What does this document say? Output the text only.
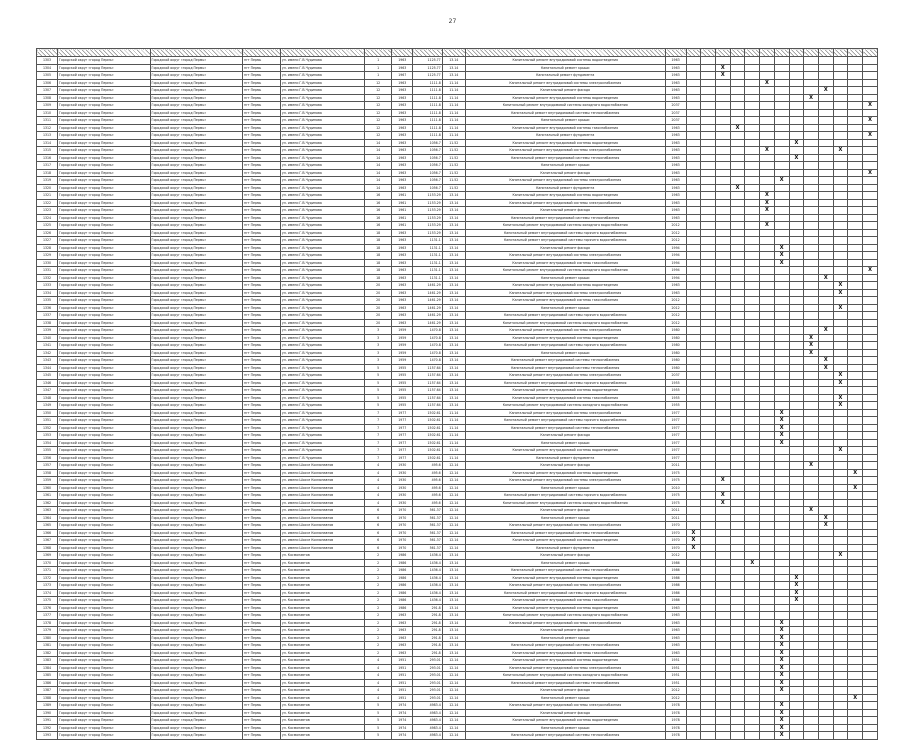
27

1303	Городской округ «город Пермь»	Городской округ «город Пермь»	пгт Пермь	ул. имени Г.В.Чудинова	1	1963	1125.77	13.14	Капитальный ремонт внутридомовой системы водоотведения	1963													
1304	Городской округ «город Пермь»	Городской округ «город Пермь»	пгт Пермь	ул. имени Г.В.Чудинова	1	1963	1125.77	13.14	Капитальный ремонт крыши	1963			X										
1305	Городской округ «город Пермь»	Городской округ «город Пермь»	пгт Пермь	ул. имени Г.В.Чудинова	1	1967	1125.77	13.14	Капитальный ремонт фундамента	1963			X										
1306	Городской округ «город Пермь»	Городской округ «город Пермь»	пгт Пермь	ул. имени Г.В.Чудинова	12	1963	1111.8	11.14	Капитальный ремонт внутридомовой системы электроснабжения	1963						X							
1307	Городской округ «город Пермь»	Городской округ «город Пермь»	пгт Пермь	ул. имени Г.В.Чудинова	12	1963	1111.8	11.14	Капитальный ремонт фасада	1963										X			
1308	Городской округ «город Пермь»	Городской округ «город Пермь»	пгт Пермь	ул. имени Г.В.Чудинова	12	1963	1111.8	11.14	Капитальный ремонт внутридомовой системы водоотведения	1963									X				
1309	Городской округ «город Пермь»	Городской округ «город Пермь»	пгт Пермь	ул. имени Г.В.Чудинова	12	1963	1111.8	11.14	Капитальный ремонт внутридомовой системы холодного водоснабжения	2037													X
1310	Городской округ «город Пермь»	Городской округ «город Пермь»	пгт Пермь	ул. имени Г.В.Чудинова	12	1963	1111.8	11.14	Капитальный ремонт внутридомовой системы теплоснабжения	2037													
1311	Городской округ «город Пермь»	Городской округ «город Пермь»	пгт Пермь	ул. имени Г.В.Чудинова	12	1963	1111.8	11.14	Капитальный ремонт крыши	2037													X
1312	Городской округ «город Пермь»	Городской округ «город Пермь»	пгт Пермь	ул. имени Г.В.Чудинова	12	1963	1111.8	11.14	Капитальный ремонт внутридомовой системы газоснабжения	1963				X									
1313	Городской округ «город Пермь»	Городской округ «город Пермь»	пгт Пермь	ул. имени Г.В.Чудинова	12	1963	1111.8	11.14	Капитальный ремонт фундамента	1963													X
1314	Городской округ «город Пермь»	Городской округ «город Пермь»	пгт Пермь	ул. имени Г.В.Чудинова	14	1963	1056.7	11.52	Капитальный ремонт внутридомовой системы водоотведения	1963								X					
1315	Городской округ «город Пермь»	Городской округ «город Пермь»	пгт Пермь	ул. имени Г.В.Чудинова	14	1963	1056.7	11.52	Капитальный ремонт внутридомовой системы электроснабжения	1963						X					X		
1316	Городской округ «город Пермь»	Городской округ «город Пермь»	пгт Пермь	ул. имени Г.В.Чудинова	14	1963	1056.7	11.52	Капитальный ремонт внутридомовой системы теплоснабжения	1963								X					
1317	Городской округ «город Пермь»	Городской округ «город Пермь»	пгт Пермь	ул. имени Г.В.Чудинова	14	1963	1056.7	11.52	Капитальный ремонт крыши	1963													
1318	Городской округ «город Пермь»	Городской округ «город Пермь»	пгт Пермь	ул. имени Г.В.Чудинова	14	1963	1056.7	11.52	Капитальный ремонт фасада	1963													X
1319	Городской округ «город Пермь»	Городской округ «город Пермь»	пгт Пермь	ул. имени Г.В.Чудинова	14	1963	1056.7	11.52	Капитальный ремонт внутридомовой системы электроснабжения	1963							X						
1320	Городской округ «город Пермь»	Городской округ «город Пермь»	пгт Пермь	ул. имени Г.В.Чудинова	14	1963	1056.7	11.52	Капитальный ремонт фундамента	1963				X									
1321	Городской округ «город Пермь»	Городской округ «город Пермь»	пгт Пермь	ул. имени Г.В.Чудинова	16	1961	1153.29	13.14	Капитальный ремонт внутридомовой системы водоотведения	1963						X							
1322	Городской округ «город Пермь»	Городской округ «город Пермь»	пгт Пермь	ул. имени Г.В.Чудинова	16	1961	1153.29	13.14	Капитальный ремонт внутридомовой системы электроснабжения	1963						X							
1323	Городской округ «город Пермь»	Городской округ «город Пермь»	пгт Пермь	ул. имени Г.В.Чудинова	16	1961	1153.29	13.14	Капитальный ремонт фасада	1963						X							
1324	Городской округ «город Пермь»	Городской округ «город Пермь»	пгт Пермь	ул. имени Г.В.Чудинова	16	1961	1153.29	13.14	Капитальный ремонт внутридомовой системы теплоснабжения	1963													
1325	Городской округ «город Пермь»	Городской округ «город Пермь»	пгт Пермь	ул. имени Г.В.Чудинова	16	1961	1153.29	13.14	Капитальный ремонт внутридомовой системы холодного водоснабжения	2012						X							
1326	Городской округ «город Пермь»	Городской округ «город Пермь»	пгт Пермь	ул. имени Г.В.Чудинова	18	1963	1153.29	13.14	Капитальный ремонт внутридомовой системы горячего водоснабжения	2012													
1327	Городской округ «город Пермь»	Городской округ «город Пермь»	пгт Пермь	ул. имени Г.В.Чудинова	18	1963	1131.1	13.14	Капитальный ремонт внутридомовой системы горячего водоснабжения	2012													
1328	Городской округ «город Пермь»	Городской округ «город Пермь»	пгт Пермь	ул. имени Г.В.Чудинова	18	1963	1131.1	13.14	Капитальный ремонт фасада	1994							X						
1329	Городской округ «город Пермь»	Городской округ «город Пермь»	пгт Пермь	ул. имени Г.В.Чудинова	18	1963	1131.1	13.14	Капитальный ремонт внутридомовой системы электроснабжения	1994							X						
1330	Городской округ «город Пермь»	Городской округ «город Пермь»	пгт Пермь	ул. имени Г.В.Чудинова	18	1963	1131.1	13.14	Капитальный ремонт внутридомовой системы газоснабжения	1994							X						
1331	Городской округ «город Пермь»	Городской округ «город Пермь»	пгт Пермь	ул. имени Г.В.Чудинова	18	1963	1131.1	13.14	Капитальный ремонт внутридомовой системы холодного водоснабжения	1994													X
1332	Городской округ «город Пермь»	Городской округ «город Пермь»	пгт Пермь	ул. имени Г.В.Чудинова	18	1963	1131.1	13.14	Капитальный ремонт крыши	1994										X			
1333	Городской округ «город Пермь»	Городской округ «город Пермь»	пгт Пермь	ул. имени Г.В.Чудинова	20	1963	1461.29	13.14	Капитальный ремонт внутридомовой системы водоотведения	1963											X		
1334	Городской округ «город Пермь»	Городской округ «город Пермь»	пгт Пермь	ул. имени Г.В.Чудинова	20	1963	1461.29	13.14	Капитальный ремонт внутридомовой системы электроснабжения	1963											X		
1335	Городской округ «город Пермь»	Городской округ «город Пермь»	пгт Пермь	ул. имени Г.В.Чудинова	20	1963	1461.29	13.14	Капитальный ремонт внутридомовой системы газоснабжения	2012													
1336	Городской округ «город Пермь»	Городской округ «город Пермь»	пгт Пермь	ул. имени Г.В.Чудинова	20	1963	1461.29	13.14	Капитальный ремонт крыши	2012											X		
1337	Городской округ «город Пермь»	Городской округ «город Пермь»	пгт Пермь	ул. имени Г.В.Чудинова	20	1963	1461.29	13.14	Капитальный ремонт внутридомовой системы горячего водоснабжения	2012													
1338	Городской округ «город Пермь»	Городской округ «город Пермь»	пгт Пермь	ул. имени Г.В.Чудинова	20	1963	1461.29	13.14	Капитальный ремонт внутридомовой системы холодного водоснабжения	2012													
1339	Городской округ «город Пермь»	Городской округ «город Пермь»	пгт Пермь	ул. имени Г.В.Чудинова	3	1959	1470.8	13.14	Капитальный ремонт внутридомовой системы электроснабжения	1980										X			
1340	Городской округ «город Пермь»	Городской округ «город Пермь»	пгт Пермь	ул. имени Г.В.Чудинова	3	1959	1470.8	13.14	Капитальный ремонт внутридомовой системы водоотведения	1980									X				
1341	Городской округ «город Пермь»	Городской округ «город Пермь»	пгт Пермь	ул. имени Г.В.Чудинова	3	1959	1470.8	13.14	Капитальный ремонт внутридомовой системы горячего водоснабжения	1980									X				
1342	Городской округ «город Пермь»	Городской округ «город Пермь»	пгт Пермь	ул. имени Г.В.Чудинова	3	1959	1470.8	13.14	Капитальный ремонт крыши	1980									X				
1343	Городской округ «город Пермь»	Городской округ «город Пермь»	пгт Пермь	ул. имени Г.В.Чудинова	3	1959	1470.8	13.14	Капитальный ремонт внутридомовой системы теплоснабжения	1980										X			
1344	Городской округ «город Пермь»	Городской округ «город Пермь»	пгт Пермь	ул. имени Г.В.Чудинова	5	1955	1157.64	13.14	Капитальный ремонт внутридомовой системы теплоснабжения	1980										X			
1345	Городской округ «город Пермь»	Городской округ «город Пермь»	пгт Пермь	ул. имени Г.В.Чудинова	5	1955	1157.64	13.14	Капитальный ремонт внутридомовой системы электроснабжения	2037											X		
1346	Городской округ «город Пермь»	Городской округ «город Пермь»	пгт Пермь	ул. имени Г.В.Чудинова	5	1955	1157.64	13.14	Капитальный ремонт внутридомовой системы горячего водоснабжения	1955											X		
1347	Городской округ «город Пермь»	Городской округ «город Пермь»	пгт Пермь	ул. имени Г.В.Чудинова	5	1955	1157.64	13.14	Капитальный ремонт внутридомовой системы водоотведения	1955													
1348	Городской округ «город Пермь»	Городской округ «город Пермь»	пгт Пермь	ул. имени Г.В.Чудинова	5	1955	1157.64	13.14	Капитальный ремонт внутридомовой системы газоснабжения	1955											X		
1349	Городской округ «город Пермь»	Городской округ «город Пермь»	пгт Пермь	ул. имени Г.В.Чудинова	5	1955	1157.64	13.14	Капитальный ремонт внутридомовой системы холодного водоснабжения	1955											X		
1350	Городской округ «город Пермь»	Городской округ «город Пермь»	пгт Пермь	ул. имени Г.В.Чудинова	7	1977	1502.61	11.14	Капитальный ремонт внутридомовой системы электроснабжения	1977							X						
1351	Городской округ «город Пермь»	Городской округ «город Пермь»	пгт Пермь	ул. имени Г.В.Чудинова	7	1977	1502.61	11.14	Капитальный ремонт внутридомовой системы горячего водоснабжения	1977							X						
1352	Городской округ «город Пермь»	Городской округ «город Пермь»	пгт Пермь	ул. имени Г.В.Чудинова	7	1977	1502.61	11.14	Капитальный ремонт внутридомовой системы теплоснабжения	1977							X						
1353	Городской округ «город Пермь»	Городской округ «город Пермь»	пгт Пермь	ул. имени Г.В.Чудинова	7	1977	1502.61	11.14	Капитальный ремонт фасада	1977							X						
1354	Городской округ «город Пермь»	Городской округ «город Пермь»	пгт Пермь	ул. имени Г.В.Чудинова	7	1977	1502.61	11.14	Капитальный ремонт крыши	1977							X						
1355	Городской округ «город Пермь»	Городской округ «город Пермь»	пгт Пермь	ул. имени Г.В.Чудинова	7	1977	1502.61	11.14	Капитальный ремонт внутридомовой системы водоотведения	1977											X		
1356	Городской округ «город Пермь»	Городской округ «город Пермь»	пгт Пермь	ул. имени Г.В.Чудинова	7	1977	1502.61	11.14	Капитальный ремонт фундамента	1977													
1357	Городской округ «город Пермь»	Городской округ «город Пермь»	пгт Пермь	ул. имени Шоссе Космонавтов	4	1930	495.6	12.14	Капитальный ремонт фасада	2011									X				
1358	Городской округ «город Пермь»	Городской округ «город Пермь»	пгт Пермь	ул. имени Шоссе Космонавтов	4	1930	495.6	12.14	Капитальный ремонт внутридомовой системы водоотведения	1975												X	
1359	Городской округ «город Пермь»	Городской округ «город Пермь»	пгт Пермь	ул. имени Шоссе Космонавтов	4	1930	495.6	12.14	Капитальный ремонт внутридомовой системы электроснабжения	1975			X										
1360	Городской округ «город Пермь»	Городской округ «город Пермь»	пгт Пермь	ул. имени Шоссе Космонавтов	4	1930	495.6	12.14	Капитальный ремонт крыши	2010												X	
1361	Городской округ «город Пермь»	Городской округ «город Пермь»	пгт Пермь	ул. имени Шоссе Космонавтов	4	1930	495.6	12.14	Капитальный ремонт внутридомовой системы горячего водоснабжения	1975			X										
1362	Городской округ «город Пермь»	Городской округ «город Пермь»	пгт Пермь	ул. имени Шоссе Космонавтов	4	1930	495.6	12.14	Капитальный ремонт внутридомовой системы холодного водоснабжения	1975			X										
1363	Городской округ «город Пермь»	Городской округ «город Пермь»	пгт Пермь	ул. имени Шоссе Космонавтов	6	1970	561.37	12.14	Капитальный ремонт фасада	2011									X				
1364	Городской округ «город Пермь»	Городской округ «город Пермь»	пгт Пермь	ул. имени Шоссе Космонавтов	6	1970	561.37	12.14	Капитальный ремонт крыши	2011										X			
1365	Городской округ «город Пермь»	Городской округ «город Пермь»	пгт Пермь	ул. имени Шоссе Космонавтов	6	1970	561.37	12.14	Капитальный ремонт внутридомовой системы электроснабжения	1970										X			
1366	Городской округ «город Пермь»	Городской округ «город Пермь»	пгт Пермь	ул. имени Шоссе Космонавтов	6	1970	561.37	12.14	Капитальный ремонт внутридомовой системы теплоснабжения	1970	X												
1367	Городской округ «город Пермь»	Городской округ «город Пермь»	пгт Пермь	ул. имени Шоссе Космонавтов	6	1970	561.37	12.14	Капитальный ремонт внутридомовой системы водоотведения	1970	X												
1368	Городской округ «город Пермь»	Городской округ «город Пермь»	пгт Пермь	ул. имени Шоссе Космонавтов	6	1970	561.37	12.14	Капитальный ремонт фундамента	1970	X												
1369	Городской округ «город Пермь»	Городской округ «город Пермь»	пгт Пермь	ул. Космонавтов	2	1986	1436.4	13.14	Капитальный ремонт фасада	2012											X		
1370	Городской округ «город Пермь»	Городской округ «город Пермь»	пгт Пермь	ул. Космонавтов	2	1986	1436.4	13.14	Капитальный ремонт крыши	1986					X								
1371	Городской округ «город Пермь»	Городской округ «город Пермь»	пгт Пермь	ул. Космонавтов	2	1986	1436.4	13.14	Капитальный ремонт внутридомовой системы теплоснабжения	1986													
1372	Городской округ «город Пермь»	Городской округ «город Пермь»	пгт Пермь	ул. Космонавтов	2	1986	1436.4	13.14	Капитальный ремонт внутридомовой системы водоотведения	1986								X					
1373	Городской округ «город Пермь»	Городской округ «город Пермь»	пгт Пермь	ул. Космонавтов	2	1986	1436.4	13.14	Капитальный ремонт внутридомовой системы электроснабжения	1986								X					
1374	Городской округ «город Пермь»	Городской округ «город Пермь»	пгт Пермь	ул. Космонавтов	2	1986	1436.4	13.14	Капитальный ремонт внутридомовой системы горячего водоснабжения	1986								X					
1375	Городской округ «город Пермь»	Городской округ «город Пермь»	пгт Пермь	ул. Космонавтов	2	1986	1436.4	13.14	Капитальный ремонт внутридомовой системы газоснабжения	1986								X					
1376	Городской округ «город Пермь»	Городской округ «город Пермь»	пгт Пермь	ул. Космонавтов	2	1986	291.8	13.14	Капитальный ремонт внутридомовой системы водоотведения	1963													
1377	Городской округ «город Пермь»	Городской округ «город Пермь»	пгт Пермь	ул. Космонавтов	2	1963	291.8	13.14	Капитальный ремонт внутридомовой системы холодного водоснабжения	1963													
1378	Городской округ «город Пермь»	Городской округ «город Пермь»	пгт Пермь	ул. Космонавтов	2	1963	291.8	13.14	Капитальный ремонт внутридомовой системы электроснабжения	1963							X						
1379	Городской округ «город Пермь»	Городской округ «город Пермь»	пгт Пермь	ул. Космонавтов	2	1963	291.8	13.14	Капитальный ремонт фасада	1963							X						
1380	Городской округ «город Пермь»	Городской округ «город Пермь»	пгт Пермь	ул. Космонавтов	2	1963	291.8	13.14	Капитальный ремонт крыши	1963							X						
1381	Городской округ «город Пермь»	Городской округ «город Пермь»	пгт Пермь	ул. Космонавтов	2	1963	291.8	13.14	Капитальный ремонт внутридомовой системы теплоснабжения	1963							X						
1382	Городской округ «город Пермь»	Городской округ «город Пермь»	пгт Пермь	ул. Космонавтов	2	1963	291.8	13.14	Капитальный ремонт внутридомовой системы газоснабжения	1963							X						
1383	Городской округ «город Пермь»	Городской округ «город Пермь»	пгт Пермь	ул. Космонавтов	4	1951	293.01	12.14	Капитальный ремонт внутридомовой системы водоотведения	1951							X						
1384	Городской округ «город Пермь»	Городской округ «город Пермь»	пгт Пермь	ул. Космонавтов	4	1951	293.01	12.14	Капитальный ремонт внутридомовой системы электроснабжения	1951							X						
1385	Городской округ «город Пермь»	Городской округ «город Пермь»	пгт Пермь	ул. Космонавтов	4	1951	293.01	12.14	Капитальный ремонт внутридомовой системы холодного водоснабжения	1951							X						
1386	Городской округ «город Пермь»	Городской округ «город Пермь»	пгт Пермь	ул. Космонавтов	4	1951	293.01	12.14	Капитальный ремонт внутридомовой системы теплоснабжения	1951							X						
1387	Городской округ «город Пермь»	Городской округ «город Пермь»	пгт Пермь	ул. Космонавтов	4	1951	293.01	12.14	Капитальный ремонт фасада	2012							X						
1388	Городской округ «город Пермь»	Городской округ «город Пермь»	пгт Пермь	ул. Космонавтов	4	1951	293.01	12.14	Капитальный ремонт крыши	2012												X	
1389	Городской округ «город Пермь»	Городской округ «город Пермь»	пгт Пермь	ул. Космонавтов	5	1974	4983.4	12.14	Капитальный ремонт внутридомовой системы электроснабжения	1978							X						
1390	Городской округ «город Пермь»	Городской округ «город Пермь»	пгт Пермь	ул. Космонавтов	5	1974	4983.4	12.14	Капитальный ремонт фасада	1978							X						
1391	Городской округ «город Пермь»	Городской округ «город Пермь»	пгт Пермь	ул. Космонавтов	5	1974	4983.4	12.14	Капитальный ремонт внутридомовой системы водоотведения	1978							X						
1392	Городской округ «город Пермь»	Городской округ «город Пермь»	пгт Пермь	ул. Космонавтов	5	1974	4983.4	12.14	Капитальный ремонт крыши	1978							X						
1393	Городской округ «город Пермь»	Городской округ «город Пермь»	пгт Пермь	ул. Космонавтов	5	1974	4983.4	12.14	Капитальный ремонт внутридомовой системы теплоснабжения	1978							X						
